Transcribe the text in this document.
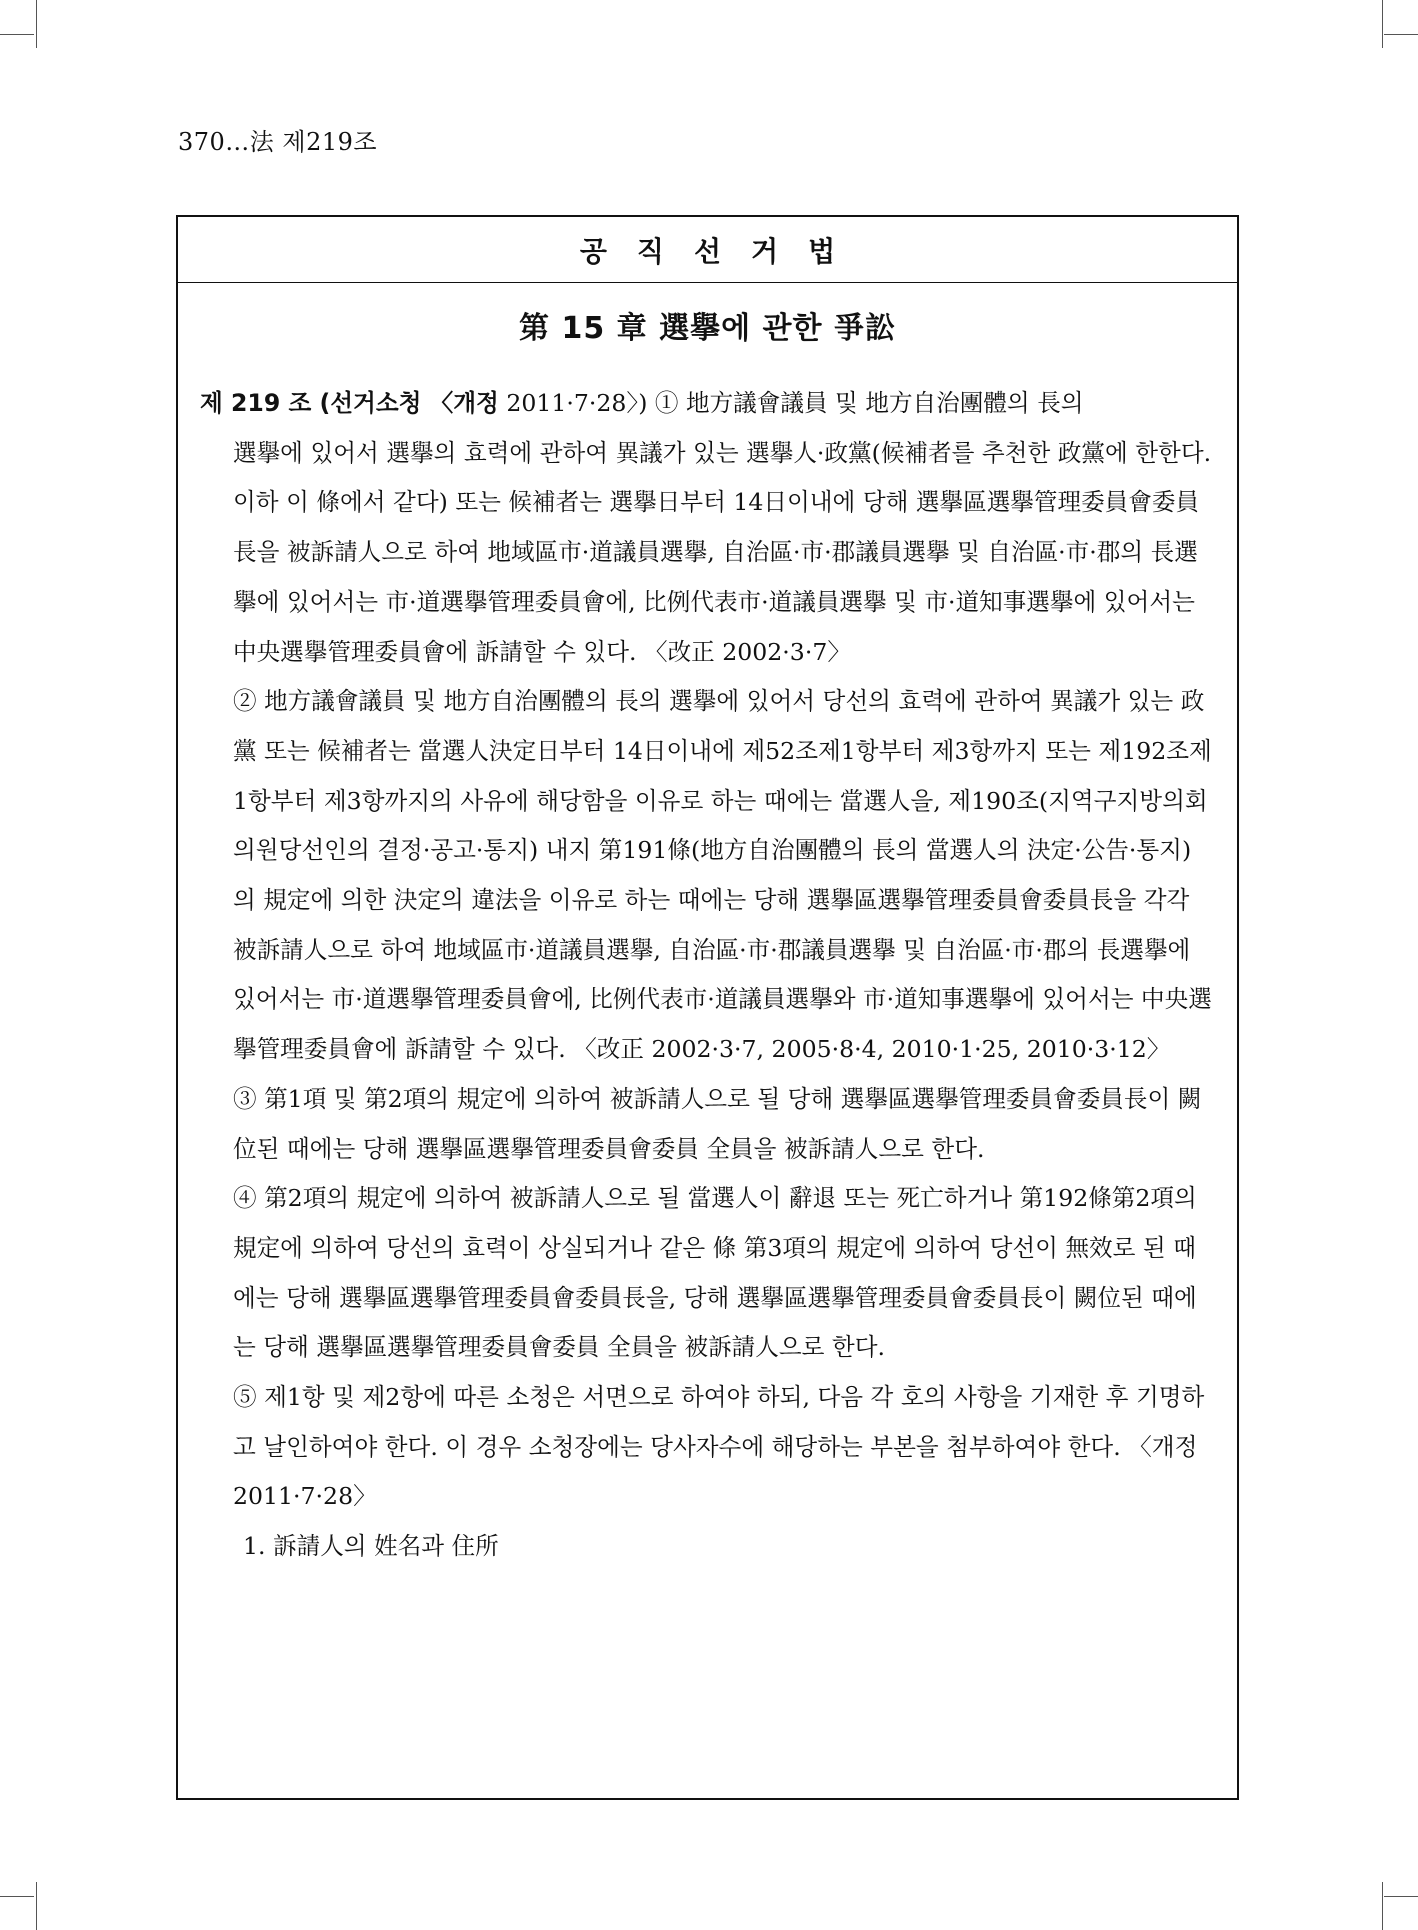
370…法 제219조
공직선거법
第 15 章 選擧에 관한 爭訟

제 219 조 (선거소청 〈개정 2011·7·28〉) ① 地方議會議員 및 地方自治團體의 長의
選擧에 있어서 選擧의 효력에 관하여 異議가 있는 選擧人·政黨(候補者를 추천한 政黨에 한한다. 이하 이 條에서 같다) 또는 候補者는 選擧日부터 14日이내에 당해 選擧區選擧管理委員會委員長을 被訴請人으로 하여 地域區市·道議員選擧, 自治區·市·郡議員選擧 및 自治區·市·郡의 長選擧에 있어서는 市·道選擧管理委員會에, 比例代表市·道議員選擧 및 市·道知事選擧에 있어서는 中央選擧管理委員會에 訴請할 수 있다. 〈改正 2002·3·7〉

② 地方議會議員 및 地方自治團體의 長의 選擧에 있어서 당선의 효력에 관하여 異議가 있는 政黨 또는 候補者는 當選人決定日부터 14日이내에 제52조제1항부터 제3항까지 또는 제192조제1항부터 제3항까지의 사유에 해당함을 이유로 하는 때에는 當選人을, 제190조(지역구지방의회의원당선인의 결정·공고·통지) 내지 第191條(地方自治團體의 長의 當選人의 決定·公告·통지)의 規定에 의한 決定의 違法을 이유로 하는 때에는 당해 選擧區選擧管理委員會委員長을 각각 被訴請人으로 하여 地域區市·道議員選擧, 自治區·市·郡議員選擧 및 自治區·市·郡의 長選擧에 있어서는 市·道選擧管理委員會에, 比例代表市·道議員選擧와 市·道知事選擧에 있어서는 中央選擧管理委員會에 訴請할 수 있다. 〈改正 2002·3·7, 2005·8·4, 2010·1·25, 2010·3·12〉

③ 第1項 및 第2項의 規定에 의하여 被訴請人으로 될 당해 選擧區選擧管理委員會委員長이 闕位된 때에는 당해 選擧區選擧管理委員會委員 全員을 被訴請人으로 한다.

④ 第2項의 規定에 의하여 被訴請人으로 될 當選人이 辭退 또는 死亡하거나 第192條第2項의 規定에 의하여 당선의 효력이 상실되거나 같은 條 第3項의 規定에 의하여 당선이 無效로 된 때에는 당해 選擧區選擧管理委員會委員長을, 당해 選擧區選擧管理委員會委員長이 闕位된 때에는 당해 選擧區選擧管理委員會委員 全員을 被訴請人으로 한다.

⑤ 제1항 및 제2항에 따른 소청은 서면으로 하여야 하되, 다음 각 호의 사항을 기재한 후 기명하고 날인하여야 한다. 이 경우 소청장에는 당사자수에 해당하는 부본을 첨부하여야 한다. 〈개정 2011·7·28〉

1. 訴請人의 姓名과 住所
